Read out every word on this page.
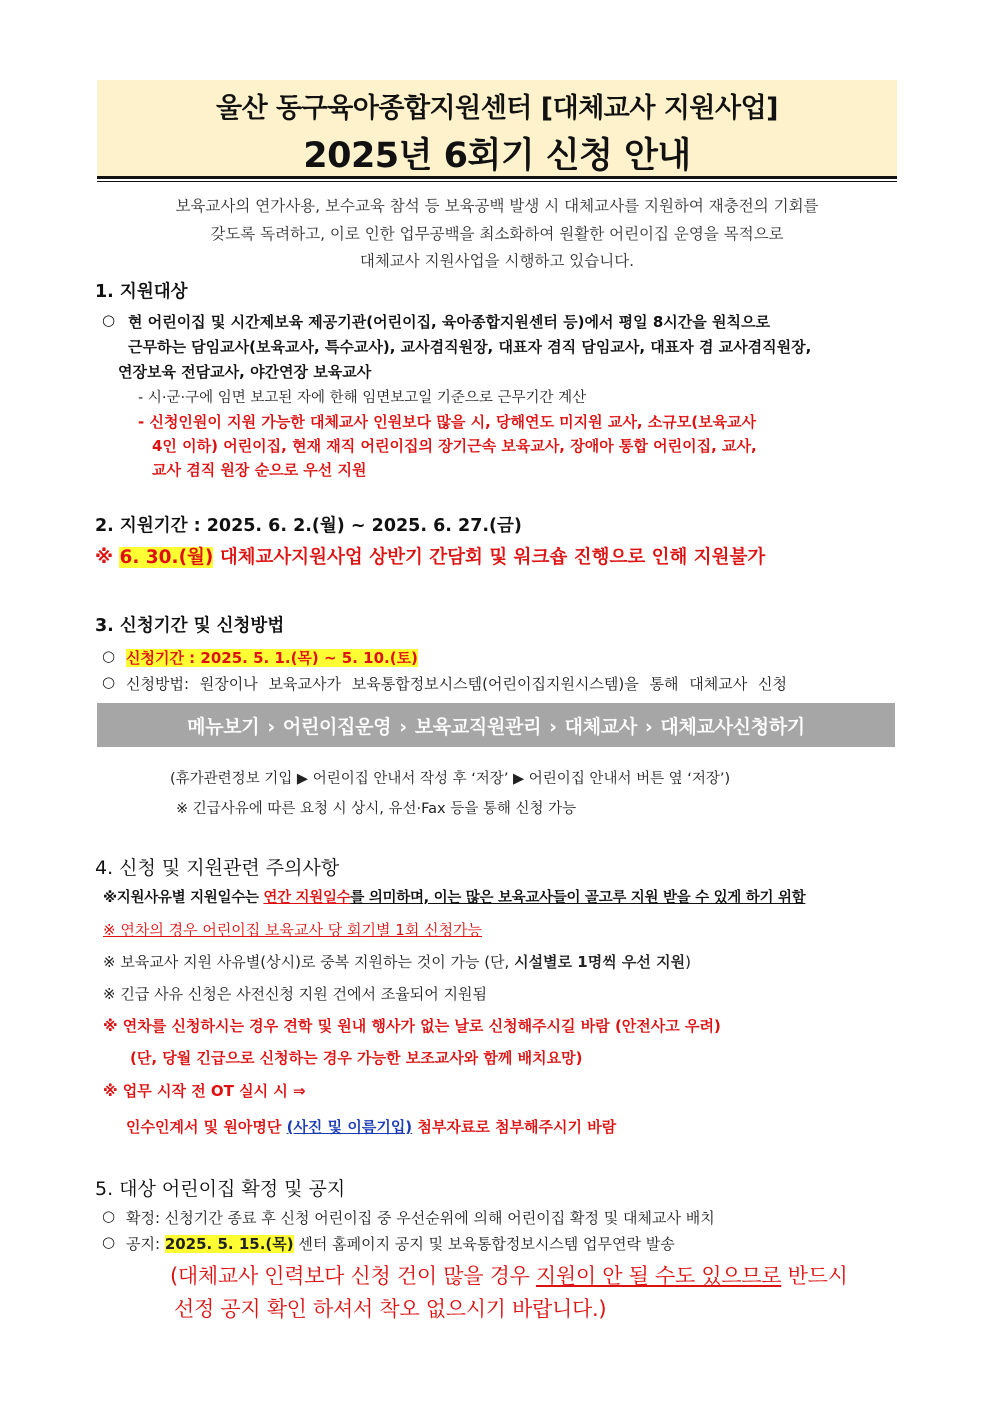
울산 동구육아종합지원센터 [대체교사 지원사업]
2025년 6회기 신청 안내
보육교사의 연가사용, 보수교육 참석 등 보육공백 발생 시 대체교사를 지원하여 재충전의 기회를
갖도록 독려하고, 이로 인한 업무공백을 최소화하여 원활한 어린이집 운영을 목적으로
대체교사 지원사업을 시행하고 있습니다.
1. 지원대상
○ 현 어린이집 및 시간제보육 제공기관(어린이집, 육아종합지원센터 등)에서 평일 8시간을 원칙으로
근무하는 담임교사(보육교사, 특수교사), 교사겸직원장, 대표자 겸직 담임교사, 대표자 겸 교사겸직원장,
연장보육 전담교사, 야간연장 보육교사
- 시·군·구에 임면 보고된 자에 한해 임면보고일 기준으로 근무기간 계산
- 신청인원이 지원 가능한 대체교사 인원보다 많을 시, 당해연도 미지원 교사, 소규모(보육교사
4인 이하) 어린이집, 현재 재직 어린이집의 장기근속 보육교사, 장애아 통합 어린이집, 교사,
교사 겸직 원장 순으로 우선 지원
2. 지원기간 : 2025. 6. 2.(월) ~ 2025. 6. 27.(금)
※ 6. 30.(월) 대체교사지원사업 상반기 간담회 및 워크숍 진행으로 인해 지원불가
3. 신청기간 및 신청방법
○ 신청기간 : 2025. 5. 1.(목) ~ 5. 10.(토)
○ 신청방법: 원장이나 보육교사가 보육통합정보시스템(어린이집지원시스템)을 통해 대체교사 신청
메뉴보기 › 어린이집운영 › 보육교직원관리 › 대체교사 › 대체교사신청하기
(휴가관련정보 기입 ▶ 어린이집 안내서 작성 후 ‘저장’ ▶ 어린이집 안내서 버튼 옆 ‘저장’)
※ 긴급사유에 따른 요청 시 상시, 유선·Fax 등을 통해 신청 가능
4. 신청 및 지원관련 주의사항
※지원사유별 지원일수는 연간 지원일수를 의미하며, 이는 많은 보육교사들이 골고루 지원 받을 수 있게 하기 위함
※ 연차의 경우 어린이집 보육교사 당 회기별 1회 신청가능
※ 보육교사 지원 사유별(상시)로 중복 지원하는 것이 가능 (단, 시설별로 1명씩 우선 지원)
※ 긴급 사유 신청은 사전신청 지원 건에서 조율되어 지원됨
※ 연차를 신청하시는 경우 견학 및 원내 행사가 없는 날로 신청해주시길 바람 (안전사고 우려)
(단, 당월 긴급으로 신청하는 경우 가능한 보조교사와 함께 배치요망)
※ 업무 시작 전 OT 실시 시 ⇒
인수인계서 및 원아명단 (사진 및 이름기입) 첨부자료로 첨부해주시기 바람
5. 대상 어린이집 확정 및 공지
○ 확정: 신청기간 종료 후 신청 어린이집 중 우선순위에 의해 어린이집 확정 및 대체교사 배치
○ 공지: 2025. 5. 15.(목) 센터 홈페이지 공지 및 보육통합정보시스템 업무연락 발송
(대체교사 인력보다 신청 건이 많을 경우 지원이 안 될 수도 있으므로 반드시
선정 공지 확인 하셔서 착오 없으시기 바랍니다.)
